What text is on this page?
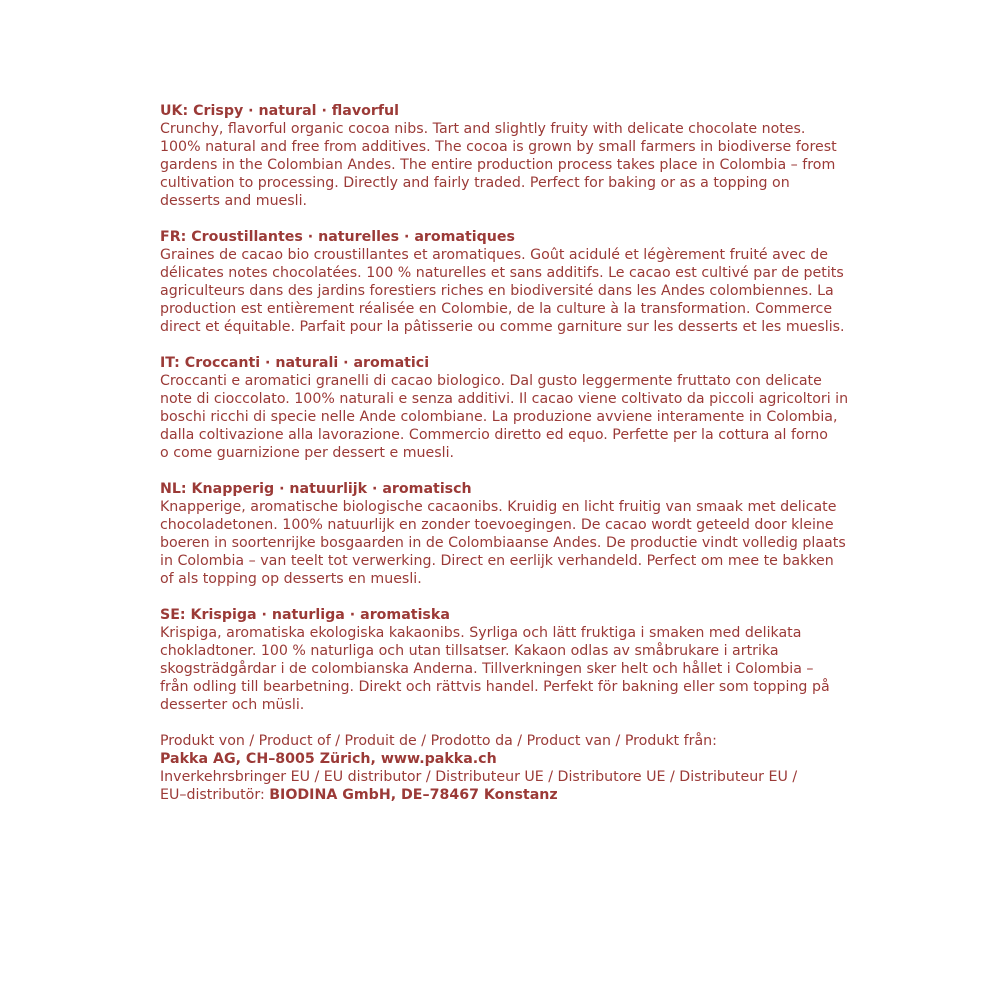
UK: Crispy · natural · flavorful

Crunchy, flavorful organic cocoa nibs. Tart and slightly fruity with delicate chocolate notes.

100% natural and free from additives. The cocoa is grown by small farmers in biodiverse forest

gardens in the Colombian Andes. The entire production process takes place in Colombia – from

cultivation to processing. Directly and fairly traded. Perfect for baking or as a topping on

desserts and muesli.

FR: Croustillantes · naturelles · aromatiques

Graines de cacao bio croustillantes et aromatiques. Goût acidulé et légèrement fruité avec de

délicates notes chocolatées. 100 % naturelles et sans additifs. Le cacao est cultivé par de petits

agriculteurs dans des jardins forestiers riches en biodiversité dans les Andes colombiennes. La

production est entièrement réalisée en Colombie, de la culture à la transformation. Commerce

direct et équitable. Parfait pour la pâtisserie ou comme garniture sur les desserts et les mueslis.

IT: Croccanti · naturali · aromatici

Croccanti e aromatici granelli di cacao biologico. Dal gusto leggermente fruttato con delicate

note di cioccolato. 100% naturali e senza additivi. Il cacao viene coltivato da piccoli agricoltori in

boschi ricchi di specie nelle Ande colombiane. La produzione avviene interamente in Colombia,

dalla coltivazione alla lavorazione. Commercio diretto ed equo. Perfette per la cottura al forno

o come guarnizione per dessert e muesli.

NL: Knapperig · natuurlijk · aromatisch

Knapperige, aromatische biologische cacaonibs. Kruidig en licht fruitig van smaak met delicate

chocoladetonen. 100% natuurlijk en zonder toevoegingen. De cacao wordt geteeld door kleine

boeren in soortenrijke bosgaarden in de Colombiaanse Andes. De productie vindt volledig plaats

in Colombia – van teelt tot verwerking. Direct en eerlijk verhandeld. Perfect om mee te bakken

of als topping op desserts en muesli.

SE: Krispiga · naturliga · aromatiska

Krispiga, aromatiska ekologiska kakaonibs. Syrliga och lätt fruktiga i smaken med delikata

chokladtoner. 100 % naturliga och utan tillsatser. Kakaon odlas av småbrukare i artrika

skogsträdgårdar i de colombianska Anderna. Tillverkningen sker helt och hållet i Colombia –

från odling till bearbetning. Direkt och rättvis handel. Perfekt för bakning eller som topping på

desserter och müsli.

Produkt von / Product of / Produit de / Prodotto da / Product van / Produkt från:

Pakka AG, CH–8005 Zürich, www.pakka.ch

Inverkehrsbringer EU / EU distributor / Distributeur UE / Distributore UE / Distributeur EU /

EU–distributör: BIODINA GmbH, DE–78467 Konstanz
